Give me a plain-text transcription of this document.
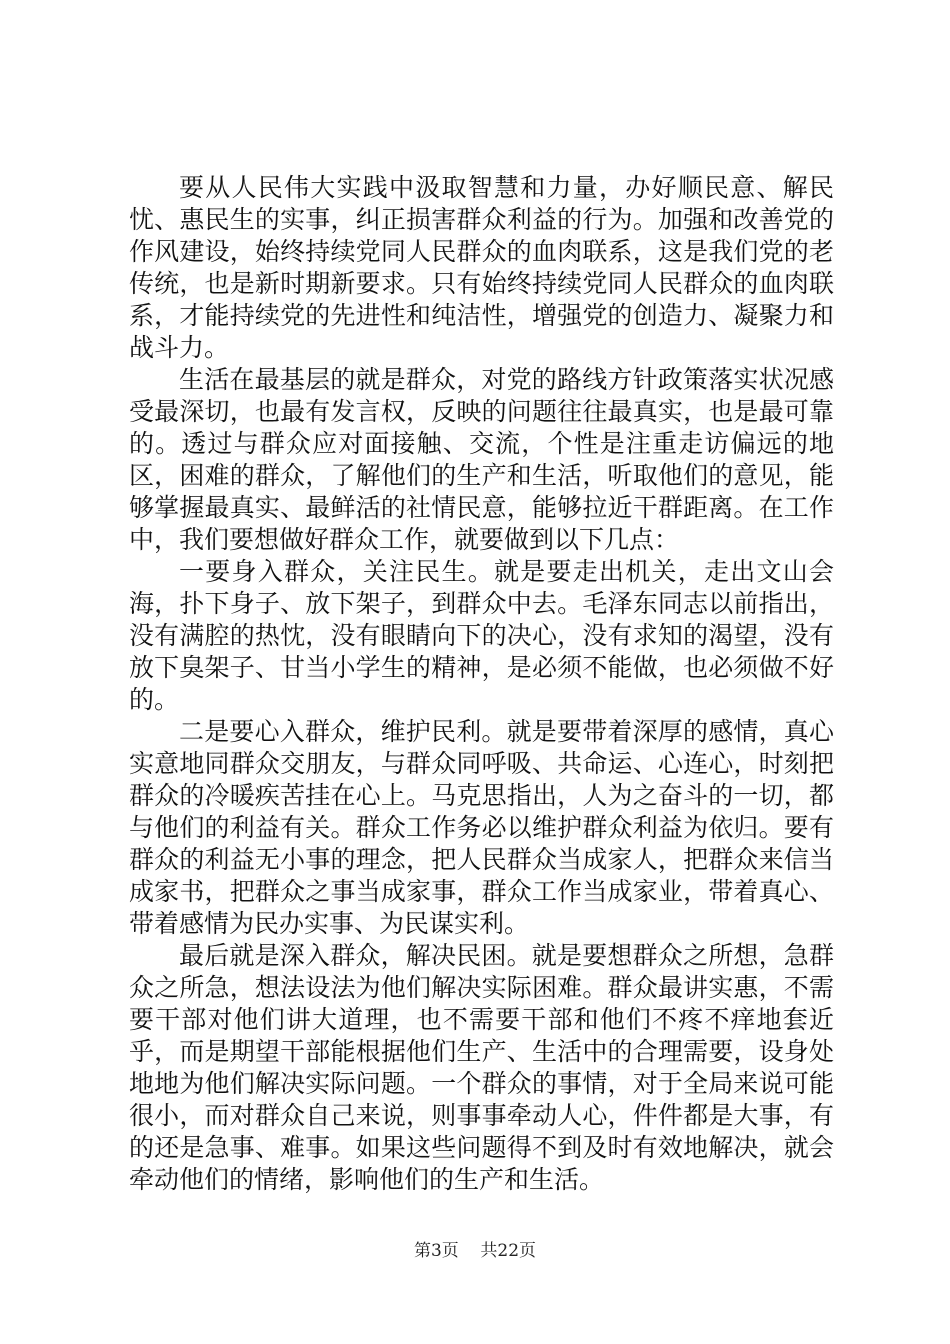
要从人民伟大实践中汲取智慧和力量，办好顺民意、解民忧、惠民生的实事，纠正损害群众利益的行为。加强和改善党的作风建设，始终持续党同人民群众的血肉联系，这是我们党的老传统，也是新时期新要求。只有始终持续党同人民群众的血肉联系，才能持续党的先进性和纯洁性，增强党的创造力、凝聚力和战斗力。

生活在最基层的就是群众，对党的路线方针政策落实状况感受最深切，也最有发言权，反映的问题往往最真实，也是最可靠的。透过与群众应对面接触、交流，个性是注重走访偏远的地区，困难的群众，了解他们的生产和生活，听取他们的意见，能够掌握最真实、最鲜活的社情民意，能够拉近干群距离。在工作中，我们要想做好群众工作，就要做到以下几点：

一要身入群众，关注民生。就是要走出机关，走出文山会海，扑下身子、放下架子，到群众中去。毛泽东同志以前指出，没有满腔的热忱，没有眼睛向下的决心，没有求知的渴望，没有放下臭架子、甘当小学生的精神，是必须不能做，也必须做不好的。

二是要心入群众，维护民利。就是要带着深厚的感情，真心实意地同群众交朋友，与群众同呼吸、共命运、心连心，时刻把群众的冷暖疾苦挂在心上。马克思指出，人为之奋斗的一切，都与他们的利益有关。群众工作务必以维护群众利益为依归。要有群众的利益无小事的理念，把人民群众当成家人，把群众来信当成家书，把群众之事当成家事，群众工作当成家业，带着真心、带着感情为民办实事、为民谋实利。

最后就是深入群众，解决民困。就是要想群众之所想，急群众之所急，想法设法为他们解决实际困难。群众最讲实惠，不需要干部对他们讲大道理，也不需要干部和他们不疼不痒地套近乎，而是期望干部能根据他们生产、生活中的合理需要，设身处地地为他们解决实际问题。一个群众的事情，对于全局来说可能很小，而对群众自己来说，则事事牵动人心，件件都是大事，有的还是急事、难事。如果这些问题得不到及时有效地解决，就会牵动他们的情绪，影响他们的生产和生活。

第3页 共22页
